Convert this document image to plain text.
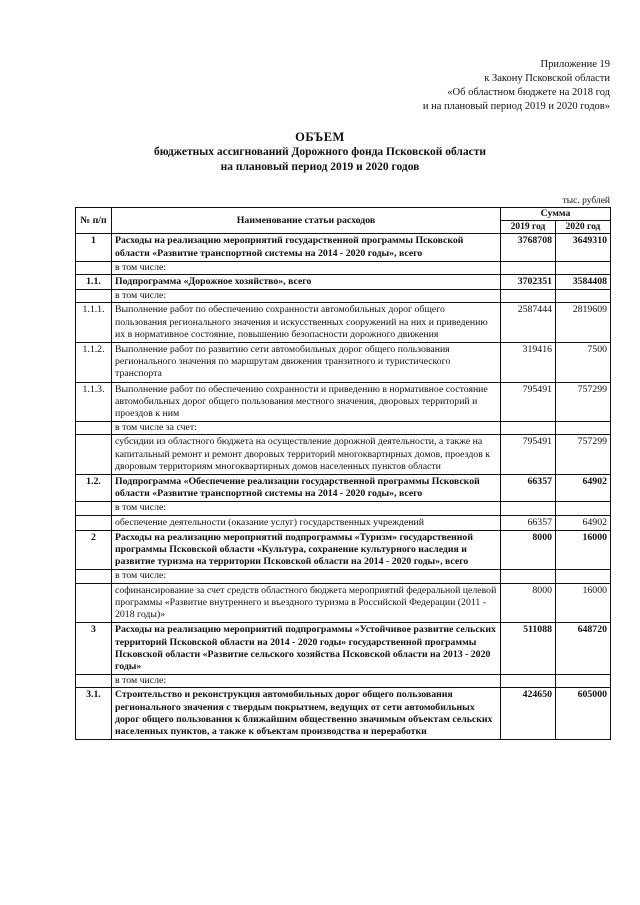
Приложение 19
к Закону Псковской области
«Об областном бюджете на 2018 год
и на плановый период 2019 и 2020 годов»
ОБЪЕМ
бюджетных ассигнований Дорожного фонда Псковской области
на плановый период 2019 и 2020 годов
тыс. рублей
№ п/п	Наименование статьи расходов	Сумма	
		2019 год	2020 год
1	Расходы на реализацию мероприятий государственной программы Псковской области «Развитие транспортной системы на 2014 - 2020 годы», всего	3768708	3649310
	в том числе:		
1.1.	Подпрограмма «Дорожное хозяйство», всего	3702351	3584408
	в том числе:		
1.1.1.	Выполнение работ по обеспечению сохранности автомобильных дорог общего пользования регионального значения и искусственных сооружений на них и приведению их в нормативное состояние, повышению безопасности дорожного движения	2587444	2819609
1.1.2.	Выполнение работ по развитию сети автомобильных дорог общего пользования регионального значения по маршрутам движения транзитного и туристического транспорта	319416	7500
1.1.3.	Выполнение работ по обеспечению сохранности и приведению в нормативное состояние автомобильных дорог общего пользования местного значения, дворовых территорий и проездов к ним	795491	757299
	в том числе за счет:		
	субсидии из областного бюджета на осуществление дорожной деятельности, а также на капитальный ремонт и ремонт дворовых территорий многоквартирных домов, проездов к дворовым территориям многоквартирных домов населенных пунктов области	795491	757299
1.2.	Подпрограмма «Обеспечение реализации государственной программы Псковской области «Развитие транспортной системы на 2014 - 2020 годы», всего	66357	64902
	в том числе:		
	обеспечение деятельности (оказание услуг) государственных учреждений	66357	64902
2	Расходы на реализацию мероприятий подпрограммы «Туризм» государственной программы Псковской области «Культура, сохранение культурного наследия и развитие туризма на территории Псковской области на 2014 - 2020 годы», всего	8000	16000
	в том числе:		
	софинансирование за счет средств областного бюджета мероприятий федеральной целевой программы «Развитие внутреннего и въездного туризма в Российской Федерации (2011 - 2018 годы)»	8000	16000
3	Расходы на реализацию мероприятий подпрограммы «Устойчивое развитие сельских территорий Псковской области на 2014 - 2020 годы» государственной программы Псковской области «Развитие сельского хозяйства Псковской области на 2013 - 2020 годы»	511088	648720
	в том числе:		
3.1.	Строительство и реконструкция автомобильных дорог общего пользования регионального значения с твердым покрытием, ведущих от сети автомобильных дорог общего пользования к ближайшим общественно значимым объектам сельских населенных пунктов, а также к объектам производства и переработки	424650	605000
